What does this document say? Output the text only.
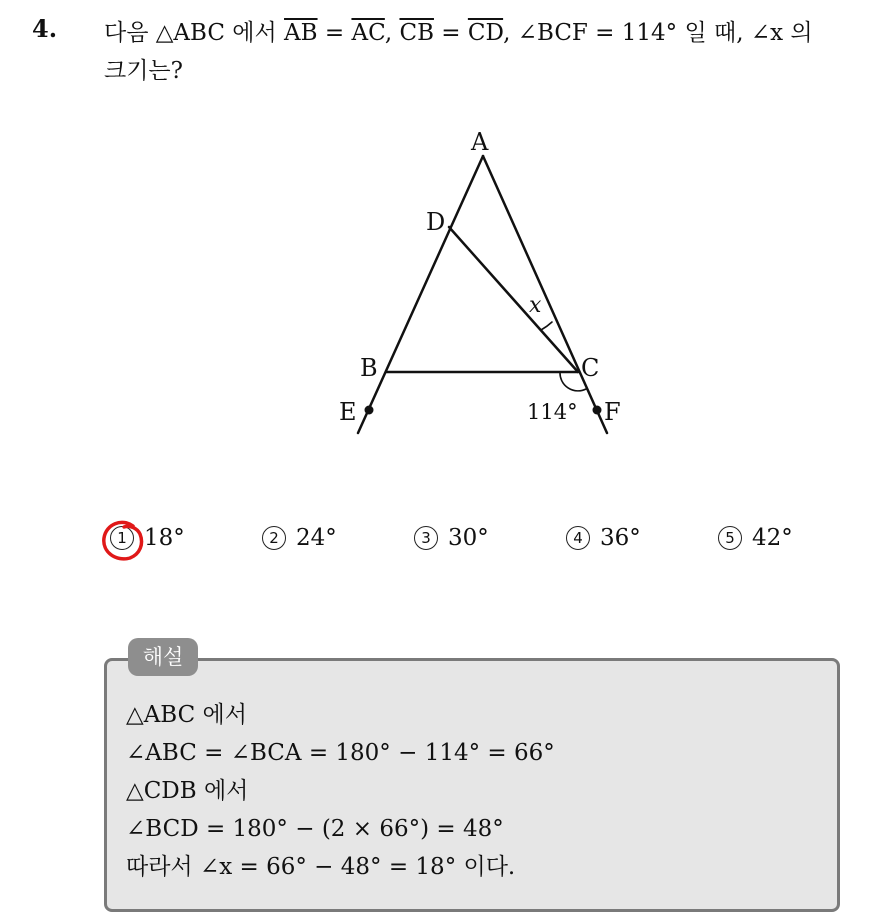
4. 다음 △ABC 에서 $\overline{AB} = \overline{AC}$, $\overline{CB} = \overline{CD}$, ∠BCF = 114° 일 때, ∠x 의
크기는?
A
D
B	C
E	F
x
114°
1 18°	2 24°	3 30°	4 36°	5 42°
해설
△ABC 에서
∠ABC = ∠BCA = 180° − 114° = 66°
△CDB 에서
∠BCD = 180° − (2 × 66°) = 48°
따라서 ∠x = 66° − 48° = 18° 이다.
